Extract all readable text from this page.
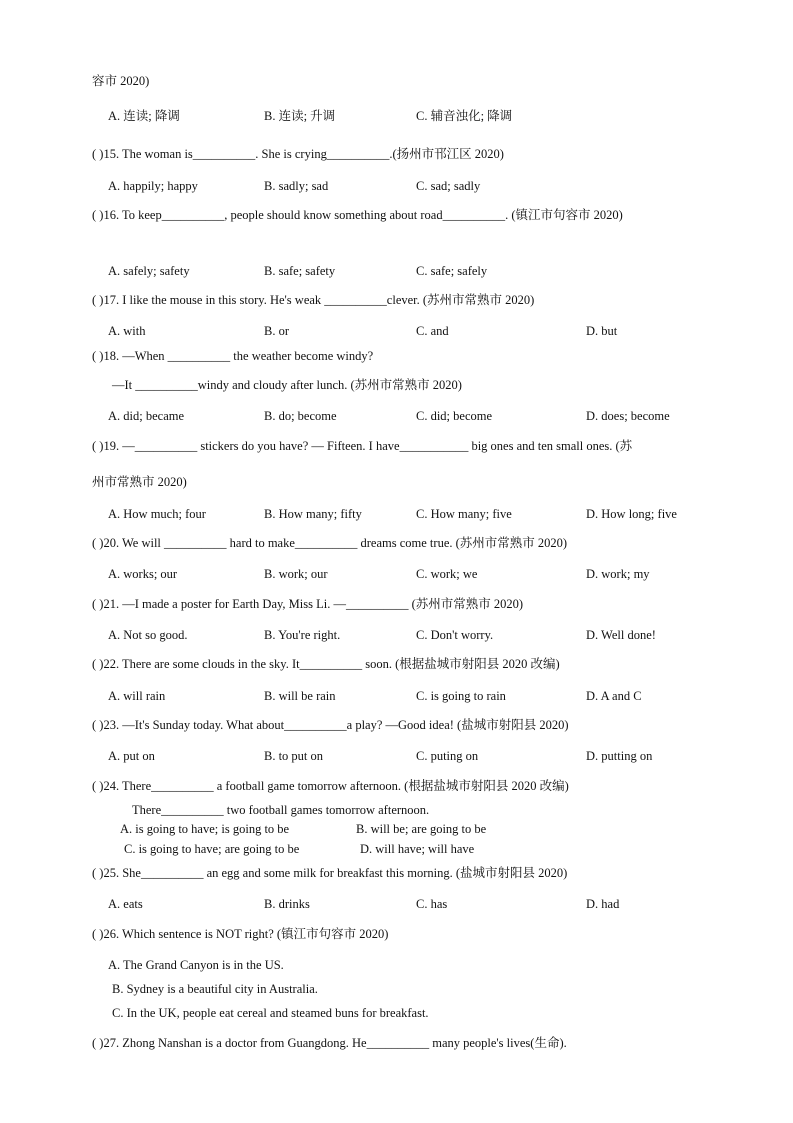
容市 2020)
A. 连读; 降调	B. 连读; 升调	C. 辅音浊化; 降调
( )15. The woman is__________. She is crying__________.(扬州市邗江区 2020)
A. happily; happy	B. sadly; sad	C. sad; sadly
( )16. To keep__________, people should know something about road__________. (镇江市句容市 2020)
A. safely; safety	B. safe; safety	C. safe; safely
( )17. I like the mouse in this story. He's weak __________clever. (苏州市常熟市 2020)
A. with	B. or	C. and	D. but
( )18. —When __________ the weather become windy?
—It __________windy and cloudy after lunch. (苏州市常熟市 2020)
A. did; became	B. do; become	C. did; become	D. does; become
( )19. —__________ stickers do you have? — Fifteen. I have___________ big ones and ten small ones. (苏
州市常熟市 2020)
A. How much; four	B. How many; fifty	C. How many; five	D. How long; five
( )20. We will __________ hard to make__________ dreams come true. (苏州市常熟市 2020)
A. works; our	B. work; our	C. work; we	D. work; my
( )21. —I made a poster for Earth Day, Miss Li. —__________ (苏州市常熟市 2020)
A. Not so good.	B. You're right.	C. Don't worry.	D. Well done!
( )22. There are some clouds in the sky. It__________ soon. (根据盐城市射阳县 2020 改编)
A. will rain	B. will be rain	C. is going to rain	D. A and C
( )23. —It's Sunday today. What about__________a play? —Good idea! (盐城市射阳县 2020)
A. put on	B. to put on	C. puting on	D. putting on
( )24. There__________ a football game tomorrow afternoon. (根据盐城市射阳县 2020 改编)
There__________ two football games tomorrow afternoon.
A. is going to have; is going to be	B. will be; are going to be
C. is going to have; are going to be	D. will have; will have
( )25. She__________ an egg and some milk for breakfast this morning. (盐城市射阳县 2020)
A. eats	B. drinks	C. has	D. had
( )26. Which sentence is NOT right? (镇江市句容市 2020)
A. The Grand Canyon is in the US.
B. Sydney is a beautiful city in Australia.
C. In the UK, people eat cereal and steamed buns for breakfast.
( )27. Zhong Nanshan is a doctor from Guangdong. He__________ many people's lives(生命).
